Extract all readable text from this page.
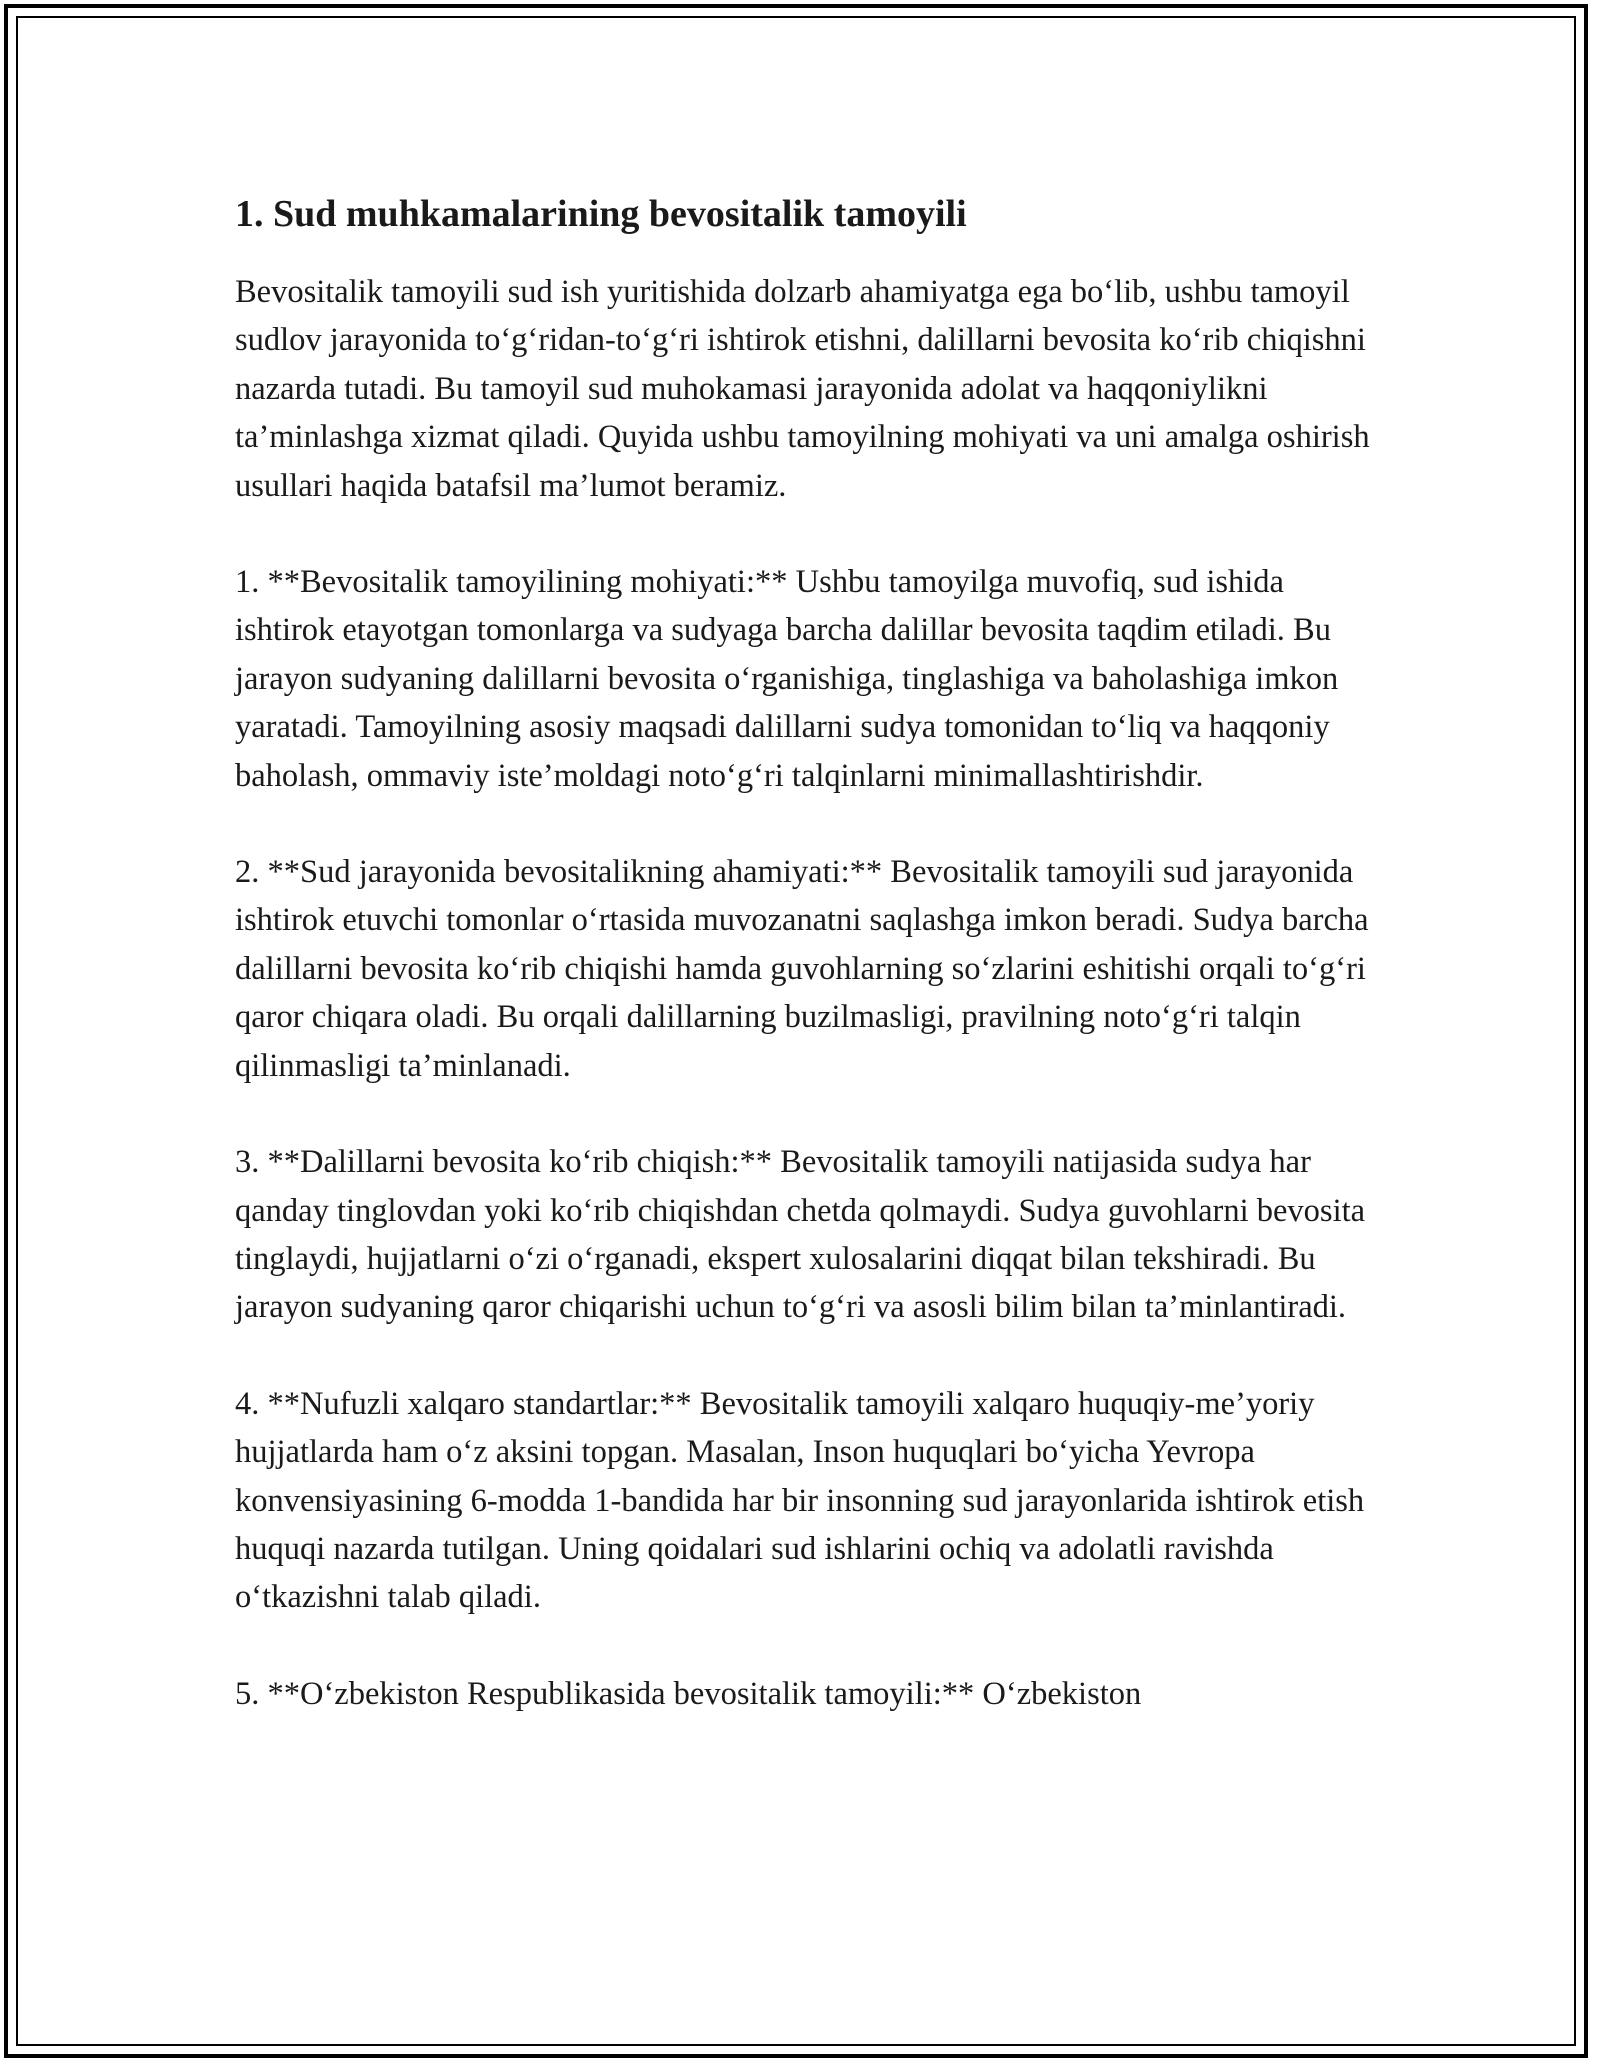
1. Sud muhkamalarining bevositalik tamoyili

Bevositalik tamoyili sud ish yuritishida dolzarb ahamiyatga ega bo‘lib, ushbu tamoyil sudlov jarayonida to‘g‘ridan-to‘g‘ri ishtirok etishni, dalillarni bevosita ko‘rib chiqishni nazarda tutadi. Bu tamoyil sud muhokamasi jarayonida adolat va haqqoniylikni ta’minlashga xizmat qiladi. Quyida ushbu tamoyilning mohiyati va uni amalga oshirish usullari haqida batafsil ma’lumot beramiz.

1. **Bevositalik tamoyilining mohiyati:** Ushbu tamoyilga muvofiq, sud ishida ishtirok etayotgan tomonlarga va sudyaga barcha dalillar bevosita taqdim etiladi. Bu jarayon sudyaning dalillarni bevosita o‘rganishiga, tinglashiga va baholashiga imkon yaratadi. Tamoyilning asosiy maqsadi dalillarni sudya tomonidan to‘liq va haqqoniy baholash, ommaviy iste’moldagi noto‘g‘ri talqinlarni minimallashtirishdir.

2. **Sud jarayonida bevositalikning ahamiyati:** Bevositalik tamoyili sud jarayonida ishtirok etuvchi tomonlar o‘rtasida muvozanatni saqlashga imkon beradi. Sudya barcha dalillarni bevosita ko‘rib chiqishi hamda guvohlarning so‘zlarini eshitishi orqali to‘g‘ri qaror chiqara oladi. Bu orqali dalillarning buzilmasligi, pravilning noto‘g‘ri talqin qilinmasligi ta’minlanadi.

3. **Dalillarni bevosita ko‘rib chiqish:** Bevositalik tamoyili natijasida sudya har qanday tinglovdan yoki ko‘rib chiqishdan chetda qolmaydi. Sudya guvohlarni bevosita tinglaydi, hujjatlarni o‘zi o‘rganadi, ekspert xulosalarini diqqat bilan tekshiradi. Bu jarayon sudyaning qaror chiqarishi uchun to‘g‘ri va asosli bilim bilan ta’minlantiradi.

4. **Nufuzli xalqaro standartlar:** Bevositalik tamoyili xalqaro huquqiy-me’yoriy hujjatlarda ham o‘z aksini topgan. Masalan, Inson huquqlari bo‘yicha Yevropa konvensiyasining 6-modda 1-bandida har bir insonning sud jarayonlarida ishtirok etish huquqi nazarda tutilgan. Uning qoidalari sud ishlarini ochiq va adolatli ravishda o‘tkazishni talab qiladi.

5. **O‘zbekiston Respublikasida bevositalik tamoyili:** O‘zbekiston
